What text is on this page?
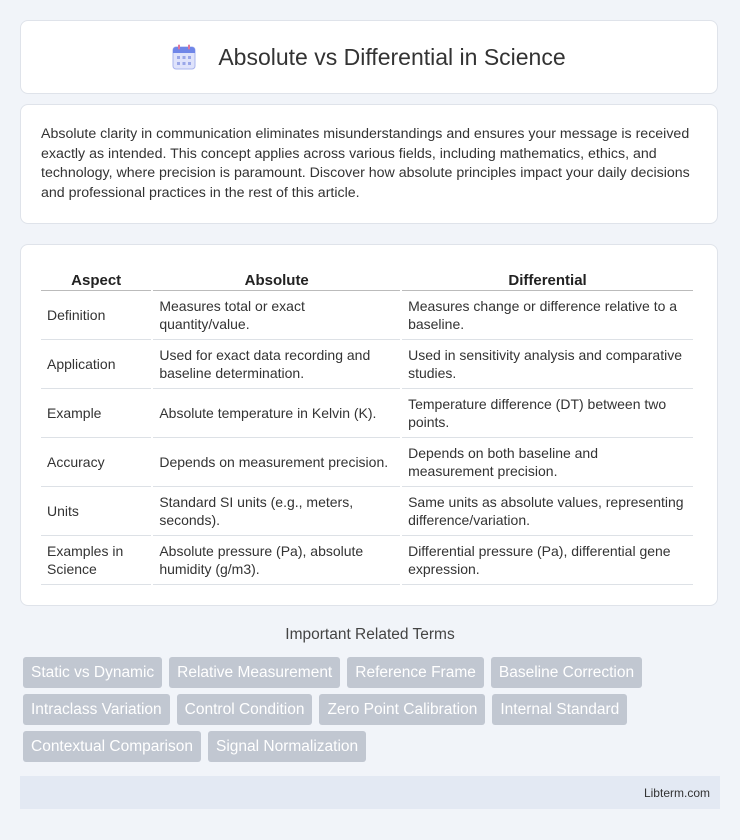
Absolute vs Differential in Science
Absolute clarity in communication eliminates misunderstandings and ensures your message is received exactly as intended. This concept applies across various fields, including mathematics, ethics, and technology, where precision is paramount. Discover how absolute principles impact your daily decisions and professional practices in the rest of this article.
Aspect	Absolute	Differential
Definition	Measures total or exact quantity/value.	Measures change or difference relative to a baseline.
Application	Used for exact data recording and baseline determination.	Used in sensitivity analysis and comparative studies.
Example	Absolute temperature in Kelvin (K).	Temperature difference (DT) between two points.
Accuracy	Depends on measurement precision.	Depends on both baseline and measurement precision.
Units	Standard SI units (e.g., meters, seconds).	Same units as absolute values, representing difference/variation.
Examples in Science	Absolute pressure (Pa), absolute humidity (g/m3).	Differential pressure (Pa), differential gene expression.
Important Related Terms
Static vs Dynamic	Relative Measurement	Reference Frame	Baseline Correction
Intraclass Variation	Control Condition	Zero Point Calibration	Internal Standard
Contextual Comparison	Signal Normalization
Libterm.com
